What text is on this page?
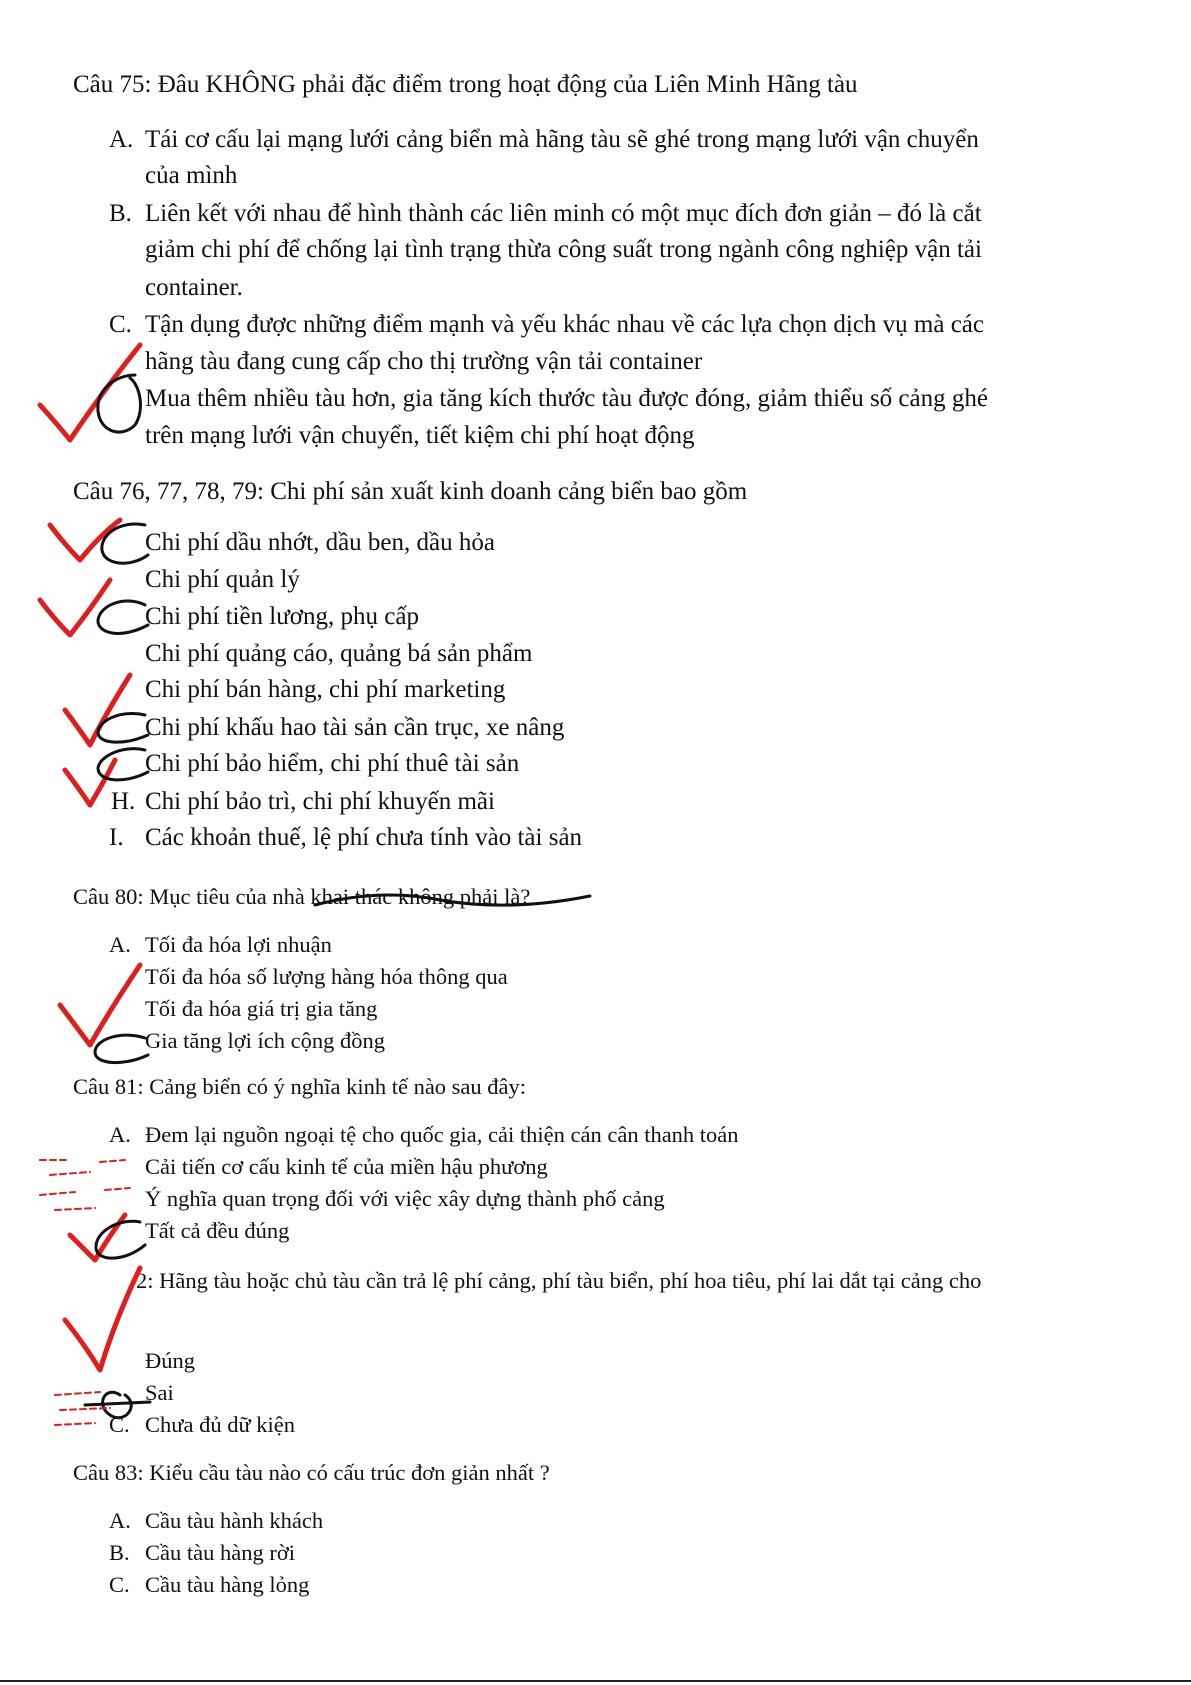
Câu 75: Đâu KHÔNG phải đặc điểm trong hoạt động của Liên Minh Hãng tàu

A. Tái cơ cấu lại mạng lưới cảng biển mà hãng tàu sẽ ghé trong mạng lưới vận chuyển
của mình
B. Liên kết với nhau để hình thành các liên minh có một mục đích đơn giản – đó là cắt
giảm chi phí để chống lại tình trạng thừa công suất trong ngành công nghiệp vận tải
container.
C. Tận dụng được những điểm mạnh và yếu khác nhau về các lựa chọn dịch vụ mà các
hãng tàu đang cung cấp cho thị trường vận tải container
Mua thêm nhiều tàu hơn, gia tăng kích thước tàu được đóng, giảm thiểu số cảng ghé
trên mạng lưới vận chuyển, tiết kiệm chi phí hoạt động

Câu 76, 77, 78, 79: Chi phí sản xuất kinh doanh cảng biển bao gồm

Chi phí dầu nhớt, dầu ben, dầu hỏa
Chi phí quản lý
Chi phí tiền lương, phụ cấp
Chi phí quảng cáo, quảng bá sản phẩm
Chi phí bán hàng, chi phí marketing
Chi phí khấu hao tài sản cần trục, xe nâng
Chi phí bảo hiểm, chi phí thuê tài sản
H. Chi phí bảo trì, chi phí khuyến mãi
I. Các khoản thuế, lệ phí chưa tính vào tài sản

Câu 80: Mục tiêu của nhà khai thác không phải là?

A. Tối đa hóa lợi nhuận
Tối đa hóa số lượng hàng hóa thông qua
Tối đa hóa giá trị gia tăng
Gia tăng lợi ích cộng đồng

Câu 81: Cảng biển có ý nghĩa kinh tế nào sau đây:

A. Đem lại nguồn ngoại tệ cho quốc gia, cải thiện cán cân thanh toán
Cải tiến cơ cấu kinh tế của miền hậu phương
Ý nghĩa quan trọng đối với việc xây dựng thành phố cảng
Tất cả đều đúng

2: Hãng tàu hoặc chủ tàu cần trả lệ phí cảng, phí tàu biển, phí hoa tiêu, phí lai dắt tại cảng cho

Đúng
Sai
C. Chưa đủ dữ kiện

Câu 83: Kiểu cầu tàu nào có cấu trúc đơn giản nhất ?

A. Cầu tàu hành khách
B. Cầu tàu hàng rời
C. Cầu tàu hàng lỏng
